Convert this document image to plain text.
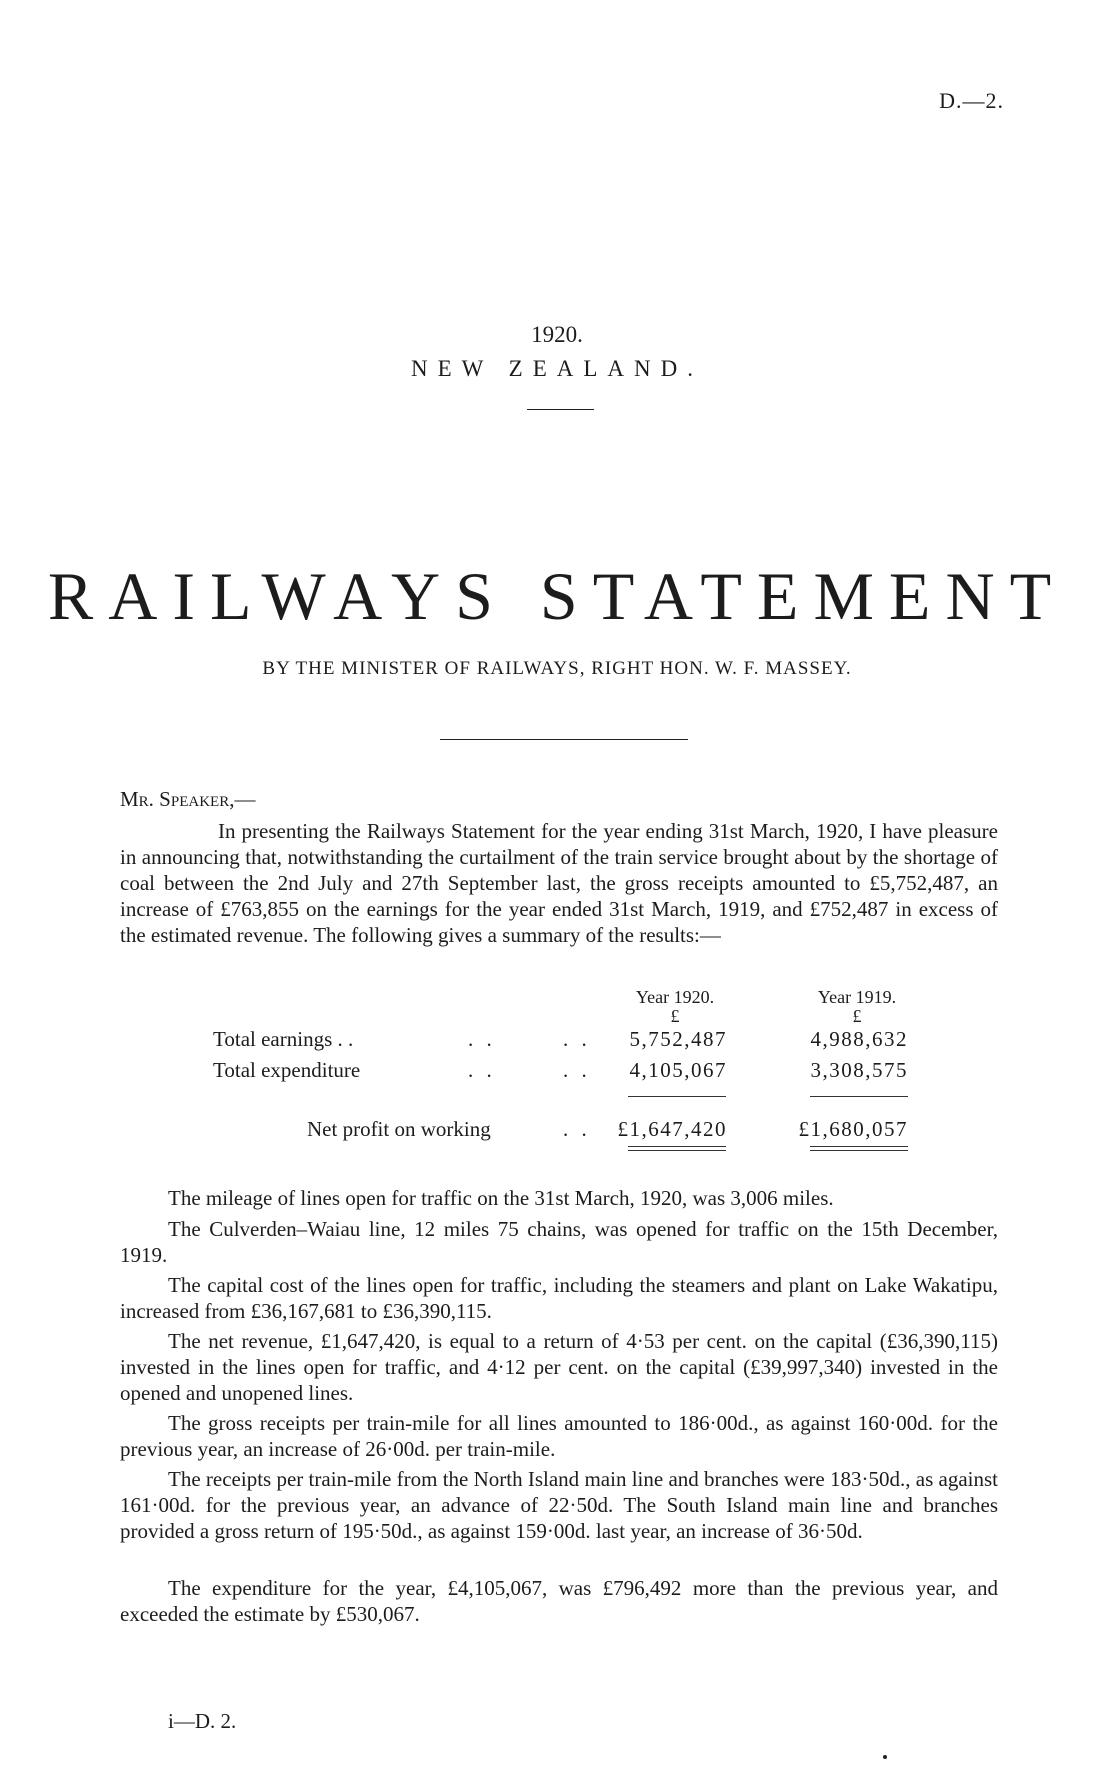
D.—2.
1920.
NEW ZEALAND.
RAILWAYS STATEMENT
BY THE MINISTER OF RAILWAYS, RIGHT HON. W. F. MASSEY.
Mr. Speaker,—

In presenting the Railways Statement for the year ending 31st March, 1920, I have pleasure in announcing that, notwithstanding the curtailment of the train service brought about by the shortage of coal between the 2nd July and 27th September last, the gross receipts amounted to £5,752,487, an increase of £763,855 on the earnings for the year ended 31st March, 1919, and £752,487 in excess of the estimated revenue. The following gives a summary of the results:—

Year 1920.	Year 1919.
£	£
Total earnings . .	. .	. .	5,752,487	4,988,632
Total expenditure	. .	. .	4,105,067	3,308,575
Net profit on working	. .	£1,647,420	£1,680,057

The mileage of lines open for traffic on the 31st March, 1920, was 3,006 miles.

The Culverden–Waiau line, 12 miles 75 chains, was opened for traffic on the 15th December, 1919.

The capital cost of the lines open for traffic, including the steamers and plant on Lake Wakatipu, increased from £36,167,681 to £36,390,115.

The net revenue, £1,647,420, is equal to a return of 4·53 per cent. on the capital (£36,390,115) invested in the lines open for traffic, and 4·12 per cent. on the capital (£39,997,340) invested in the opened and unopened lines.

The gross receipts per train-mile for all lines amounted to 186·00d., as against 160·00d. for the previous year, an increase of 26·00d. per train-mile.

The receipts per train-mile from the North Island main line and branches were 183·50d., as against 161·00d. for the previous year, an advance of 22·50d. The South Island main line and branches provided a gross return of 195·50d., as against 159·00d. last year, an increase of 36·50d.

The expenditure for the year, £4,105,067, was £796,492 more than the previous year, and exceeded the estimate by £530,067.

i—D. 2.
